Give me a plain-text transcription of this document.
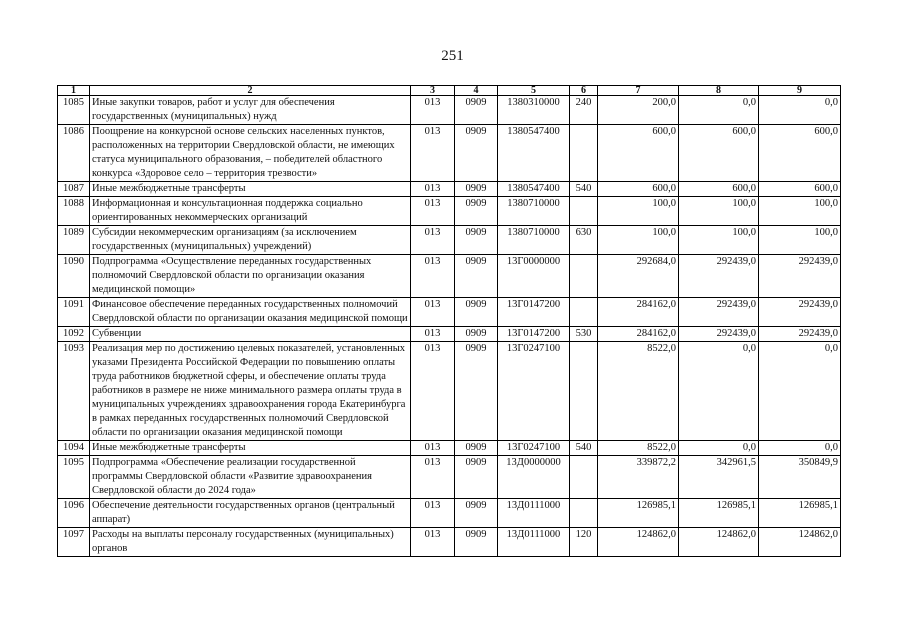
251
1	2	3	4	5	6	7	8	9
1085	Иные закупки товаров, работ и услуг для обеспечения государственных (муниципальных) нужд	013	0909	1380310000	240	200,0	0,0	0,0
1086	Поощрение на конкурсной основе сельских населенных пунктов, расположенных на территории Свердловской области, не имеющих статуса муниципального образования, – победителей областного конкурса «Здоровое село – территория трезвости»	013	0909	1380547400		600,0	600,0	600,0
1087	Иные межбюджетные трансферты	013	0909	1380547400	540	600,0	600,0	600,0
1088	Информационная и консультационная поддержка социально ориентированных некоммерческих организаций	013	0909	1380710000		100,0	100,0	100,0
1089	Субсидии некоммерческим организациям (за исключением государственных (муниципальных) учреждений)	013	0909	1380710000	630	100,0	100,0	100,0
1090	Подпрограмма «Осуществление переданных государственных полномочий Свердловской области по организации оказания медицинской помощи»	013	0909	13Г0000000		292684,0	292439,0	292439,0
1091	Финансовое обеспечение переданных государственных полномочий Свердловской области по организации оказания медицинской помощи	013	0909	13Г0147200		284162,0	292439,0	292439,0
1092	Субвенции	013	0909	13Г0147200	530	284162,0	292439,0	292439,0
1093	Реализация мер по достижению целевых показателей, установленных указами Президента Российской Федерации по повышению оплаты труда работников бюджетной сферы, и обеспечение оплаты труда работников в размере не ниже минимального размера оплаты труда в муниципальных учреждениях здравоохранения города Екатеринбурга в рамках переданных государственных полномочий Свердловской области по организации оказания медицинской помощи	013	0909	13Г0247100		8522,0	0,0	0,0
1094	Иные межбюджетные трансферты	013	0909	13Г0247100	540	8522,0	0,0	0,0
1095	Подпрограмма «Обеспечение реализации государственной программы Свердловской области «Развитие здравоохранения Свердловской области до 2024 года»	013	0909	13Д0000000		339872,2	342961,5	350849,9
1096	Обеспечение деятельности государственных органов (центральный аппарат)	013	0909	13Д0111000		126985,1	126985,1	126985,1
1097	Расходы на выплаты персоналу государственных (муниципальных) органов	013	0909	13Д0111000	120	124862,0	124862,0	124862,0
